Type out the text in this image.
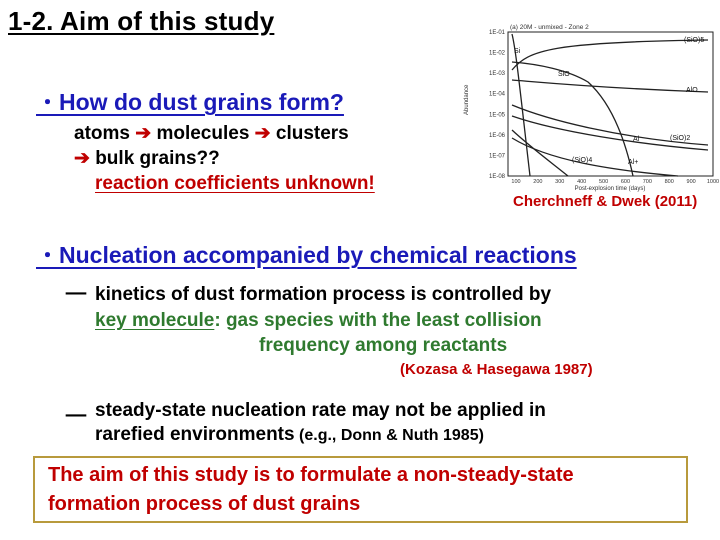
1-2. Aim of this study
・How do dust grains form?
atoms ➔ molecules ➔ clusters
➔ bulk grains??
reaction coefficients unknown!
(a) 20M - unmixed - Zone 2
Abundance
1E-01
1E-02
1E-03
1E-04
1E-05
1E-06
1E-07
1E-08
100 200 300 400 500 600 700 800 900 1000
Post-explosion time (days)
Si
(SiO)5
SiO
AlO
Al	(SiO)2
(SiO)4	Al+
Cherchneff & Dwek (2011)
・Nucleation accompanied by chemical reactions
－ kinetics of dust formation process is controlled by
key molecule: gas species with the least collision
frequency among reactants
(Kozasa & Hasegawa 1987)
－ steady-state nucleation rate may not be applied in
rarefied environments (e.g., Donn & Nuth 1985)
The aim of this study is to formulate a non-steady-state
formation process of dust grains
